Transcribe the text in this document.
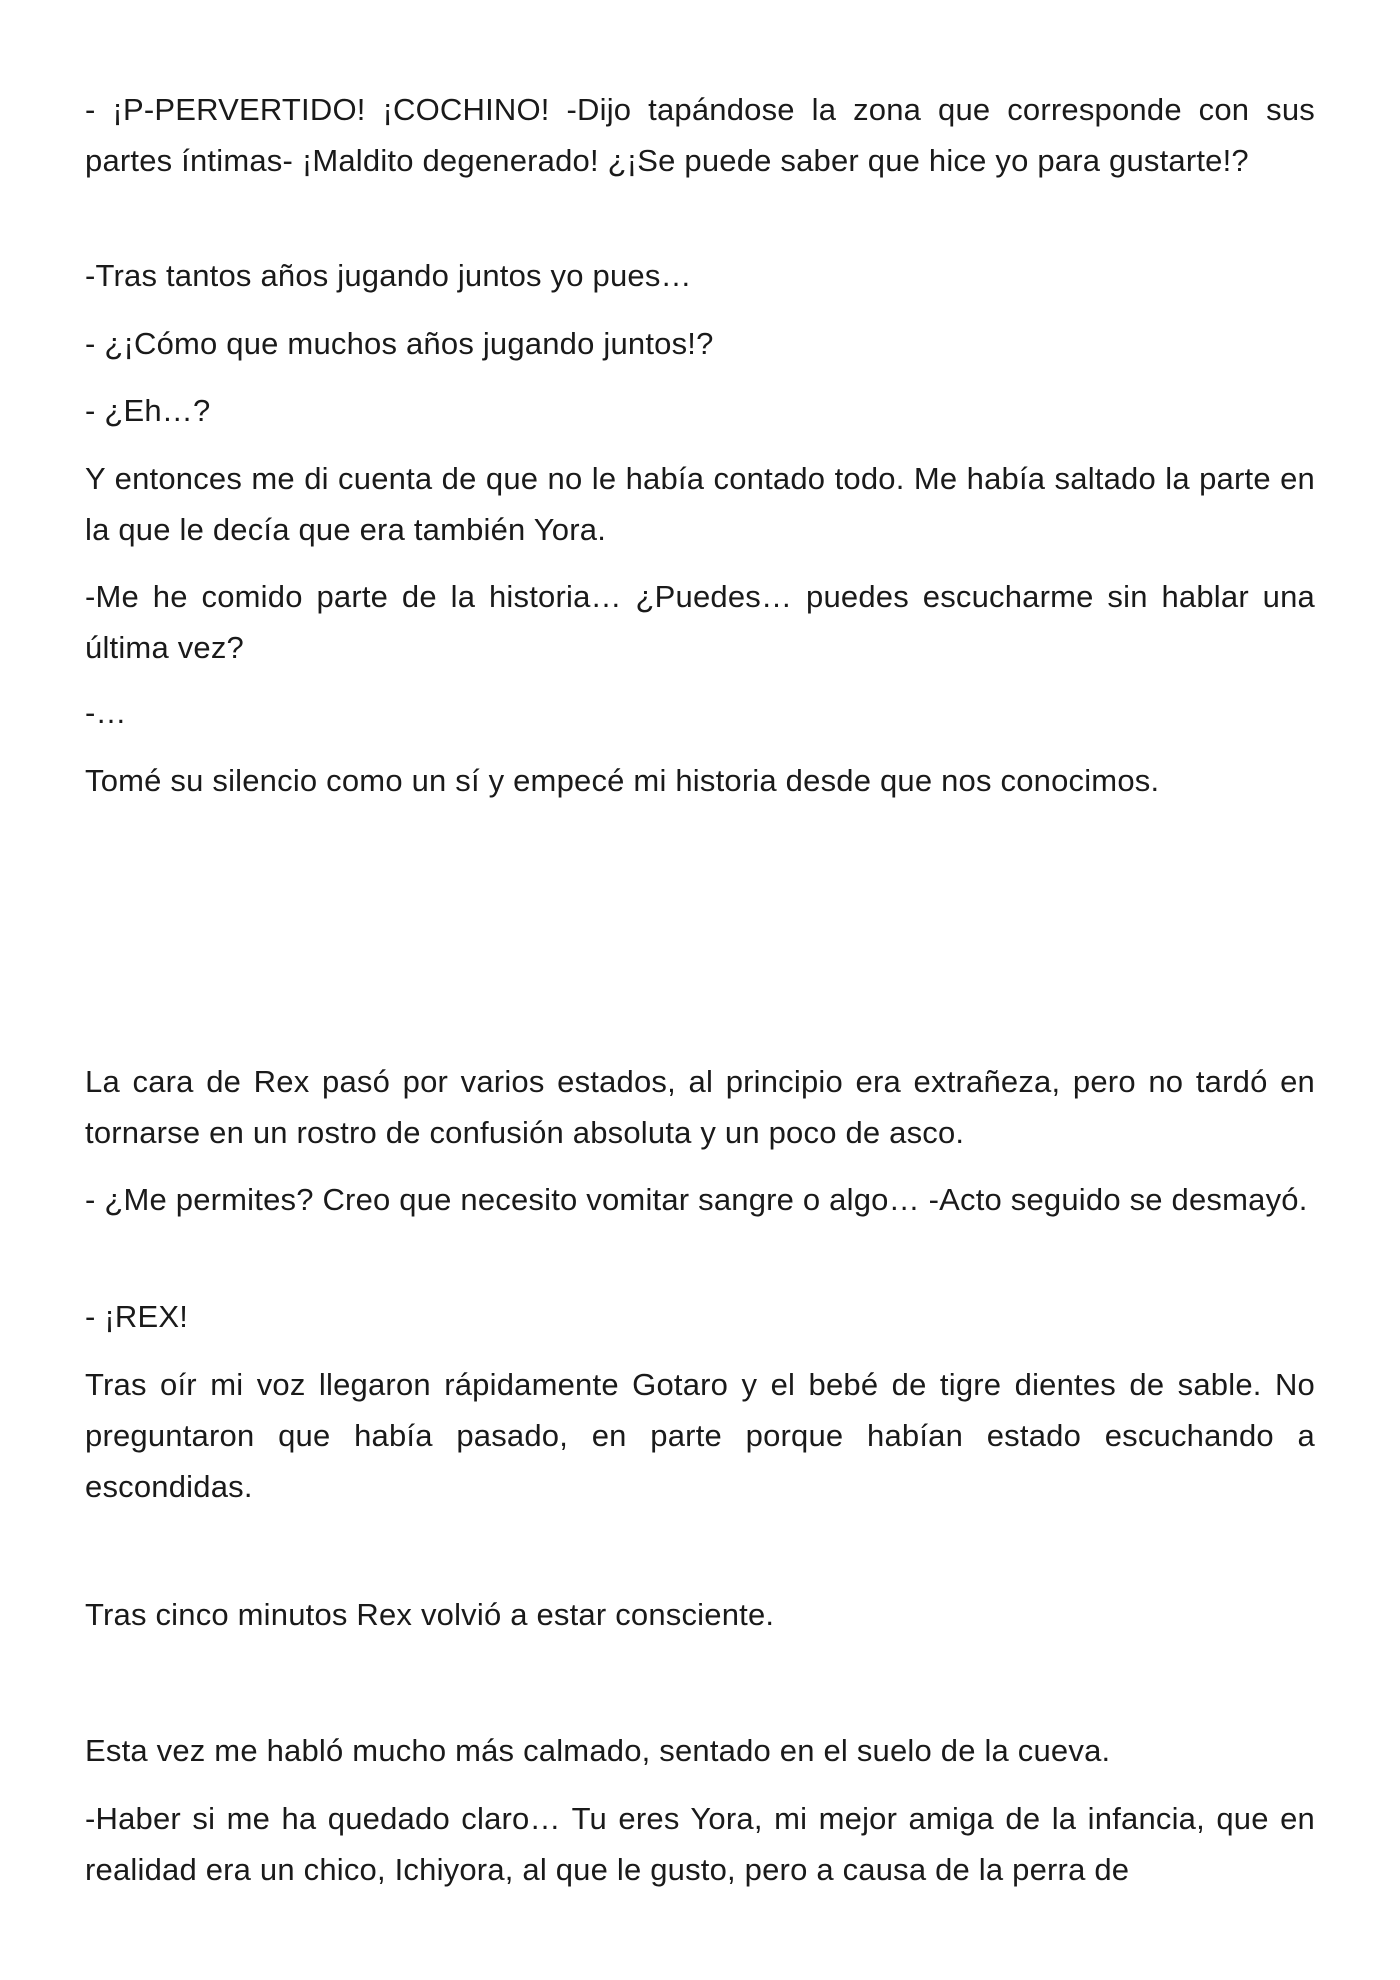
- ¡P-PERVERTIDO! ¡COCHINO! -Dijo tapándose la zona que corresponde con sus partes íntimas- ¡Maldito degenerado! ¿¡Se puede saber que hice yo para gustarte!?

-Tras tantos años jugando juntos yo pues…

- ¿¡Cómo que muchos años jugando juntos!?

- ¿Eh…?

Y entonces me di cuenta de que no le había contado todo. Me había saltado la parte en la que le decía que era también Yora.

-Me he comido parte de la historia… ¿Puedes… puedes escucharme sin hablar una última vez?

-…

Tomé su silencio como un sí y empecé mi historia desde que nos conocimos.

La cara de Rex pasó por varios estados, al principio era extrañeza, pero no tardó en tornarse en un rostro de confusión absoluta y un poco de asco.

- ¿Me permites? Creo que necesito vomitar sangre o algo… -Acto seguido se desmayó.

- ¡REX!

Tras oír mi voz llegaron rápidamente Gotaro y el bebé de tigre dientes de sable. No preguntaron que había pasado, en parte porque habían estado escuchando a escondidas.

Tras cinco minutos Rex volvió a estar consciente.

Esta vez me habló mucho más calmado, sentado en el suelo de la cueva.

-Haber si me ha quedado claro… Tu eres Yora, mi mejor amiga de la infancia, que en realidad era un chico, Ichiyora, al que le gusto, pero a causa de la perra de
